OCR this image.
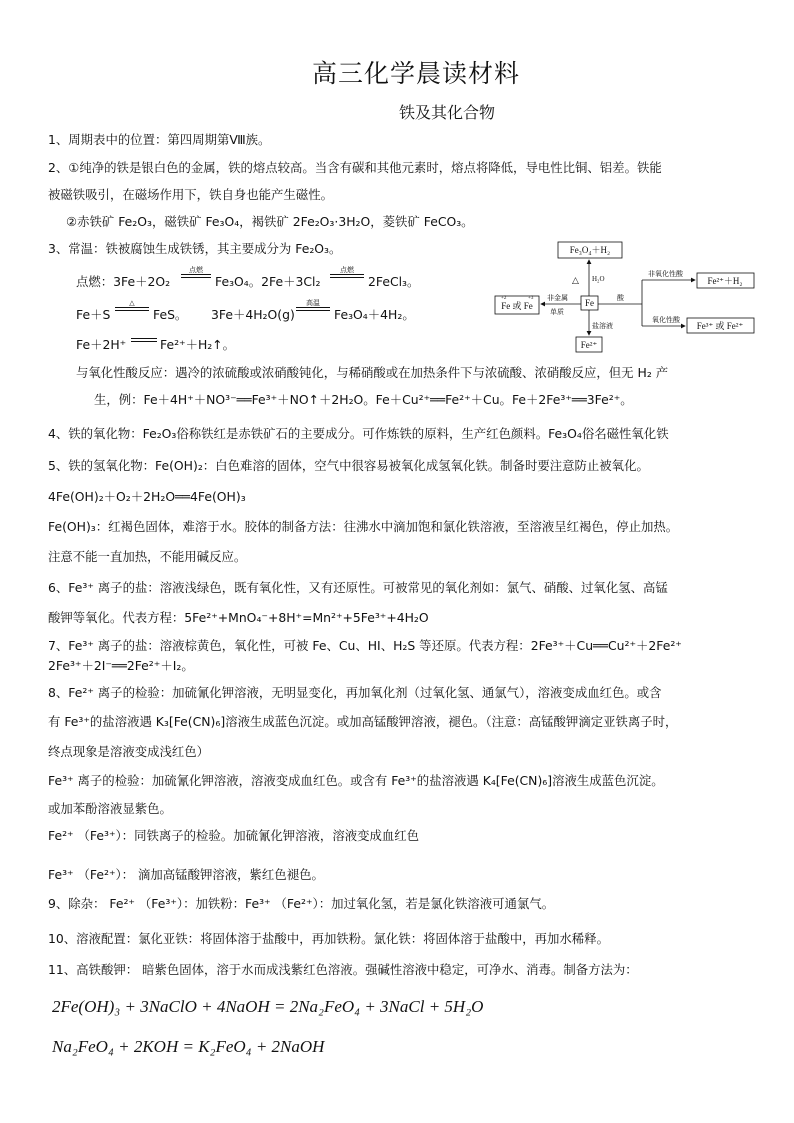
高三化学晨读材料
铁及其化合物
1、周期表中的位置：第四周期第Ⅷ族。
2、①纯净的铁是银白色的金属，铁的熔点较高。当含有碳和其他元素时，熔点将降低，导电性比铜、铝差。铁能
被磁铁吸引，在磁场作用下，铁自身也能产生磁性。
②赤铁矿 Fe₂O₃，磁铁矿 Fe₃O₄，褐铁矿 2Fe₂O₃·3H₂O，菱铁矿 FeCO₃。
3、常温：铁被腐蚀生成铁锈，其主要成分为 Fe₂O₃。
点燃：3Fe＋2O₂
点燃
Fe₃O₄。2Fe＋3Cl₂
点燃
2FeCl₃。
Fe＋S
△
FeS。 3Fe＋4H₂O(g)
高温
Fe₃O₄＋4H₂。
Fe＋2H⁺	Fe²⁺＋H₂↑。
与氧化性酸反应：遇冷的浓硫酸或浓硝酸钝化，与稀硝酸或在加热条件下与浓硫酸、浓硝酸反应，但无 H₂ 产
生，例：Fe＋4H⁺＋NO³⁻══Fe³⁺＋NO↑＋2H₂O。Fe＋Cu²⁺══Fe²⁺＋Cu。Fe＋2Fe³⁺══3Fe²⁺。
4、铁的氧化物：Fe₂O₃俗称铁红是赤铁矿石的主要成分。可作炼铁的原料，生产红色颜料。Fe₃O₄俗名磁性氧化铁
5、铁的氢氧化物：Fe(OH)₂：白色难溶的固体，空气中很容易被氧化成氢氧化铁。制备时要注意防止被氧化。
4Fe(OH)₂＋O₂＋2H₂O══4Fe(OH)₃
Fe(OH)₃：红褐色固体，难溶于水。胶体的制备方法：往沸水中滴加饱和氯化铁溶液，至溶液呈红褐色，停止加热。
注意不能一直加热，不能用碱反应。
6、Fe³⁺ 离子的盐：溶液浅绿色，既有氧化性，又有还原性。可被常见的氧化剂如：氯气、硝酸、过氧化氢、高锰
酸钾等氧化。代表方程：5Fe²⁺+MnO₄⁻+8H⁺=Mn²⁺+5Fe³⁺+4H₂O
7、Fe³⁺ 离子的盐：溶液棕黄色，氧化性，可被 Fe、Cu、HI、H₂S 等还原。代表方程：2Fe³⁺＋Cu══Cu²⁺＋2Fe²⁺
2Fe³⁺＋2I⁻══2Fe²⁺＋I₂。
8、Fe²⁺ 离子的检验：加硫氰化钾溶液，无明显变化，再加氧化剂（过氧化氢、通氯气），溶液变成血红色。或含
有 Fe³⁺的盐溶液遇 K₃[Fe(CN)₆]溶液生成蓝色沉淀。或加高锰酸钾溶液，褪色。（注意：高锰酸钾滴定亚铁离子时，
终点现象是溶液变成浅红色）
Fe³⁺ 离子的检验：加硫氰化钾溶液，溶液变成血红色。或含有 Fe³⁺的盐溶液遇 K₄[Fe(CN)₆]溶液生成蓝色沉淀。
或加苯酚溶液显紫色。
Fe²⁺ （Fe³⁺）：同铁离子的检验。加硫氰化钾溶液，溶液变成血红色
Fe³⁺ （Fe²⁺）： 滴加高锰酸钾溶液，紫红色褪色。
9、除杂： Fe²⁺ （Fe³⁺）：加铁粉：Fe³⁺ （Fe²⁺）：加过氧化氢，若是氯化铁溶液可通氯气。
10、溶液配置：氯化亚铁：将固体溶于盐酸中，再加铁粉。氯化铁：将固体溶于盐酸中，再加水稀释。
11、高铁酸钾： 暗紫色固体，溶于水而成浅紫红色溶液。强碱性溶液中稳定，可净水、消毒。制备方法为：
2Fe(OH)₃ + 3NaClO + 4NaOH = 2Na₂FeO₄ + 3NaCl + 5H₂O
Na₂FeO₄ + 2KOH = K₂FeO₄ + 2NaOH
Fe₃O₄＋H₂
Fe 或 Fe
+2	+3	Fe
Fe²⁺
Fe²⁺＋H₂
Fe³⁺ 或 Fe²⁺
△ H₂O
非金属
单质
酸
盐溶液
非氧化性酸
氧化性酸
